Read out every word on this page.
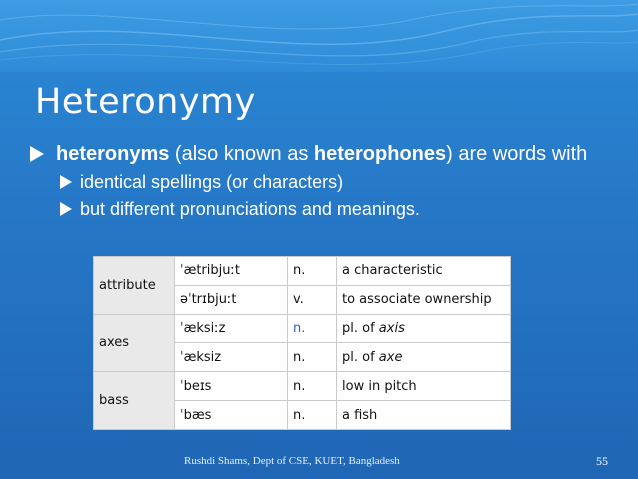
Heteronymy
heteronyms (also known as heterophones) are words with
identical spellings (or characters)
but different pronunciations and meanings.
attribute	ˈætribjuːt	n.	a characteristic
	əˈtrɪbjuːt	v.	to associate ownership
axes	ˈæksiːz	n.	pl. of axis
	ˈæksiz	n.	pl. of axe
bass	ˈbeɪs	n.	low in pitch
	ˈbæs	n.	a fish
Rushdi Shams, Dept of CSE, KUET, Bangladesh	55
